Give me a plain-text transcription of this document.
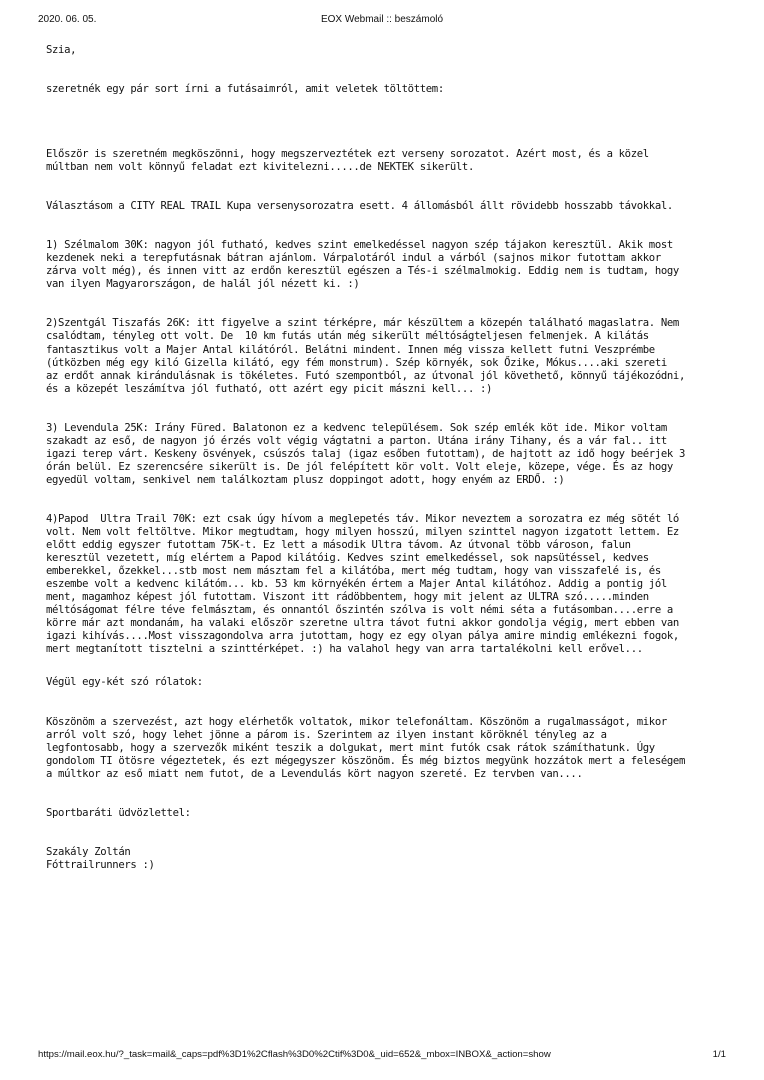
2020. 06. 05.	EOX Webmail :: beszámoló

Szia,

szeretnék egy pár sort írni a futásaimról, amit veletek töltöttem:

Először is szeretném megköszönni, hogy megszerveztétek ezt verseny sorozatot. Azért most, és a közel
múltban nem volt könnyű feladat ezt kivitelezni.....de NEKTEK sikerült.

Választásom a CITY REAL TRAIL Kupa versenysorozatra esett. 4 állomásból állt rövidebb hosszabb távokkal.

1) Szélmalom 30K: nagyon jól futható, kedves szint emelkedéssel nagyon szép tájakon keresztül. Akik most
kezdenek neki a terepfutásnak bátran ajánlom. Várpalotáról indul a várból (sajnos mikor futottam akkor
zárva volt még), és innen vitt az erdőn keresztül egészen a Tés-i szélmalmokig. Eddig nem is tudtam, hogy
van ilyen Magyarországon, de halál jól nézett ki. :)

2)Szentgál Tiszafás 26K: itt figyelve a szint térképre, már készültem a közepén található magaslatra. Nem
csalódtam, tényleg ott volt. De  10 km futás után még sikerült méltóságteljesen felmenjek. A kilátás
fantasztikus volt a Majer Antal kilátóról. Belátni mindent. Innen még vissza kellett futni Veszprémbe
(útközben még egy kiló Gizella kilátó, egy fém monstrum). Szép környék, sok Őzike, Mókus....aki szereti
az erdőt annak kirándulásnak is tökéletes. Futó szempontból, az útvonal jól követhető, könnyű tájékozódni,
és a közepét leszámítva jól futható, ott azért egy picit mászni kell... :)

3) Levendula 25K: Irány Füred. Balatonon ez a kedvenc településem. Sok szép emlék köt ide. Mikor voltam
szakadt az eső, de nagyon jó érzés volt végig vágtatni a parton. Utána irány Tihany, és a vár fal.. itt
igazi terep várt. Keskeny ösvények, csúszós talaj (igaz esőben futottam), de hajtott az idő hogy beérjek 3
órán belül. Ez szerencsére sikerült is. De jól felépített kör volt. Volt eleje, közepe, vége. És az hogy
egyedül voltam, senkivel nem találkoztam plusz doppingot adott, hogy enyém az ERDŐ. :)

4)Papod  Ultra Trail 70K: ezt csak úgy hívom a meglepetés táv. Mikor neveztem a sorozatra ez még sötét ló
volt. Nem volt feltöltve. Mikor megtudtam, hogy milyen hosszú, milyen szinttel nagyon izgatott lettem. Ez
előtt eddig egyszer futottam 75K-t. Ez lett a második Ultra távom. Az útvonal több városon, falun
keresztül vezetett, míg elértem a Papod kilátóig. Kedves szint emelkedéssel, sok napsütéssel, kedves
emberekkel, őzekkel...stb most nem másztam fel a kilátóba, mert még tudtam, hogy van visszafelé is, és
eszembe volt a kedvenc kilátóm... kb. 53 km környékén értem a Majer Antal kilátóhoz. Addig a pontig jól
ment, magamhoz képest jól futottam. Viszont itt rádöbbentem, hogy mit jelent az ULTRA szó.....minden
méltóságomat félre téve felmásztam, és onnantól őszintén szólva is volt némi séta a futásomban....erre a
körre már azt mondanám, ha valaki először szeretne ultra távot futni akkor gondolja végig, mert ebben van
igazi kihívás....Most visszagondolva arra jutottam, hogy ez egy olyan pálya amire mindig emlékezni fogok,
mert megtanított tisztelni a szinttérképet. :) ha valahol hegy van arra tartalékolni kell erővel...

Végül egy-két szó rólatok:

Köszönöm a szervezést, azt hogy elérhetők voltatok, mikor telefonáltam. Köszönöm a rugalmasságot, mikor
arról volt szó, hogy lehet jönne a párom is. Szerintem az ilyen instant köröknél tényleg az a
legfontosabb, hogy a szervezők miként teszik a dolgukat, mert mint futók csak rátok számíthatunk. Úgy
gondolom TI ötösre végeztetek, és ezt mégegyszer köszönöm. És még biztos megyünk hozzátok mert a feleségem
a múltkor az eső miatt nem futot, de a Levendulás kört nagyon szereté. Ez tervben van....

Sportbaráti üdvözlettel:

Szakály Zoltán

Fóttrailrunners :)

https://mail.eox.hu/?_task=mail&_caps=pdf%3D1%2Cflash%3D0%2Ctif%3D0&_uid=652&_mbox=INBOX&_action=show	1/1
